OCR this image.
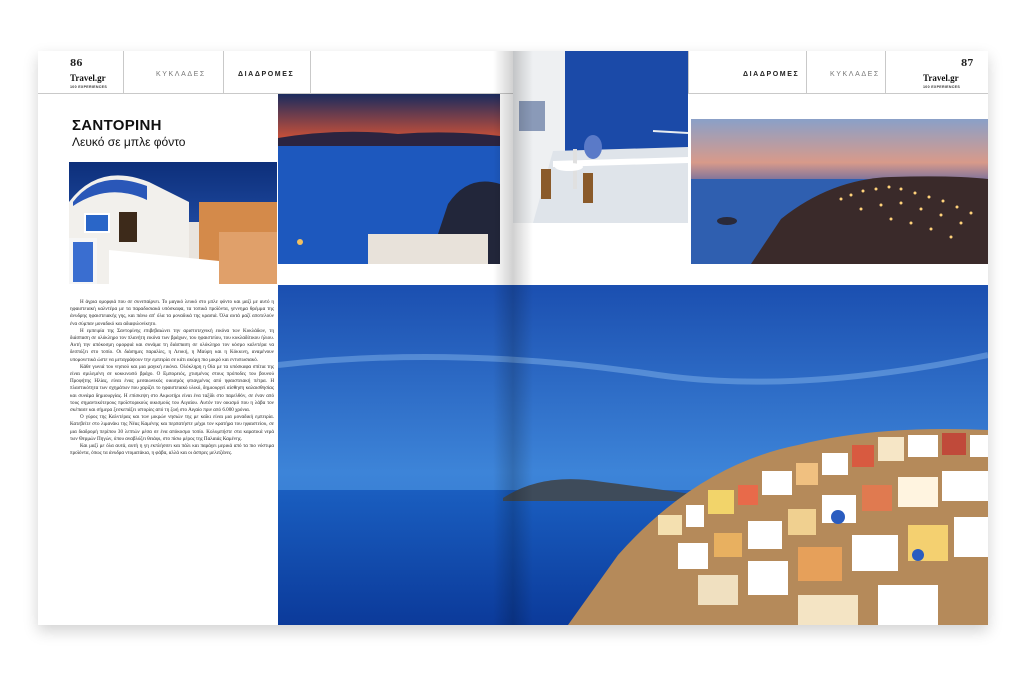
86
Travel.gr
100 EXPERIENCES
ΚΥΚΛΑΔΕΣ	ΔΙΑΔΡΟΜΕΣ
ΣΑΝΤΟΡΙΝΗ
Λευκό σε μπλε φόντο

Η άγρια ομορφιά που σε συνεπαίρνει. Το μαγικό λευκό στο μπλε φόντο και μαζί με αυτό η ηφαιστειακή καλντέρα με τα παραδοσιακά υπόσκαφα, τα τοπικά προϊόντα, γεννημα θρέμμα της άνυδρης ηφαιστειακής γης, και πάνω απ' όλα τα μοναδικά της κρασιά. Όλα αυτά μαζί αποτελούν ένα σύμπαν μοναδικό και αδιαφιλονίκητο.

Η εμπειρία της Σαντορίνης επιβεβαιώνει την αριστοτεχνική εικόνα των Κυκλάδων, τη διάσπαση σε ολόκληρο τον πλανήτη εικόνα των βράχων, του ηφαιστείου, του κυκλαδίτικου ήλιου. Αυτή την απόκοσμη ομορφιά και συνάμα τη διάσπαση σε ολόκληρο τον κόσμο καλντέρα να δεσπόζει στο τοπίο. Οι διάσημες παραλίες, η Λευκή, η Μαύρη και η Κόκκινη, αναμένουν υπομονετικά ώστε να μεταγράψουν την εμπειρία σε κάτι ακόμη πιο μικρό και εντυπωσιακό.

Κάθε γωνιά του νησιού και μια μαγική εικόνα. Ολόκληρη η Οία με τα υπόσκαφα σπίτια της είναι σμιλεμένη σε κοκκινωπό βράχο. Ο Εμπορειός, χτισμένος στους πρόποδες του βουνού Προφήτης Ηλίας, είναι ένας μεσαιωνικός οικισμός φτιαγμένος από ηφαιστειακή πέτρα. Η πλαστικότητα των σχημάτων που χαρίζει το ηφαιστειακό υλικό, δημιουργεί αίσθηση καλαισθησίας και συνάμα δημιουργίας. Η επίσκεψη στο Ακρωτήρι είναι ένα ταξίδι στο παρελθόν, σε έναν από τους σημαντικότερους προϊστορικούς οικισμούς του Αιγαίου. Αυτόν τον οικισμό που η λάβα τον σκέπασε και σήμερα ξεσκεπάζει ιστορίες από τη ζωή στο Αιγαίο πριν από 6.000 χρόνια.

Ο γύρος της Καλντέρας και των μικρών νησιών της με καΐκι είναι μια μοναδική εμπειρία. Κατεβείτε στο λιμανάκι της Νέας Καμένης και περπατήστε μέχρι τον κρατήρα του ηφαιστείου, σε μια διαδρομή περίπου 30 λεπτών μέσα σε ένα απόκοσμο τοπίο. Κολυμπήστε στα καρατικά νερά των Θερμών Πηγών, όπου αναβλύζει θειάφι, στο πίσω μέρος της Παλαιάς Καμένης.

Και μαζί με όλα αυτά, αυτή η γη εκπλήσσει και πάλι και παράγει μερικά από τα πιο νόστιμα προϊόντα, όπως τα άνυδρα ντοματάκια, η φάβα, αλλά και οι άσπρες μελιτζάνες.

ΔΙΑΔΡΟΜΕΣ	ΚΥΚΛΑΔΕΣ
87
Travel.gr
100 EXPERIENCES
